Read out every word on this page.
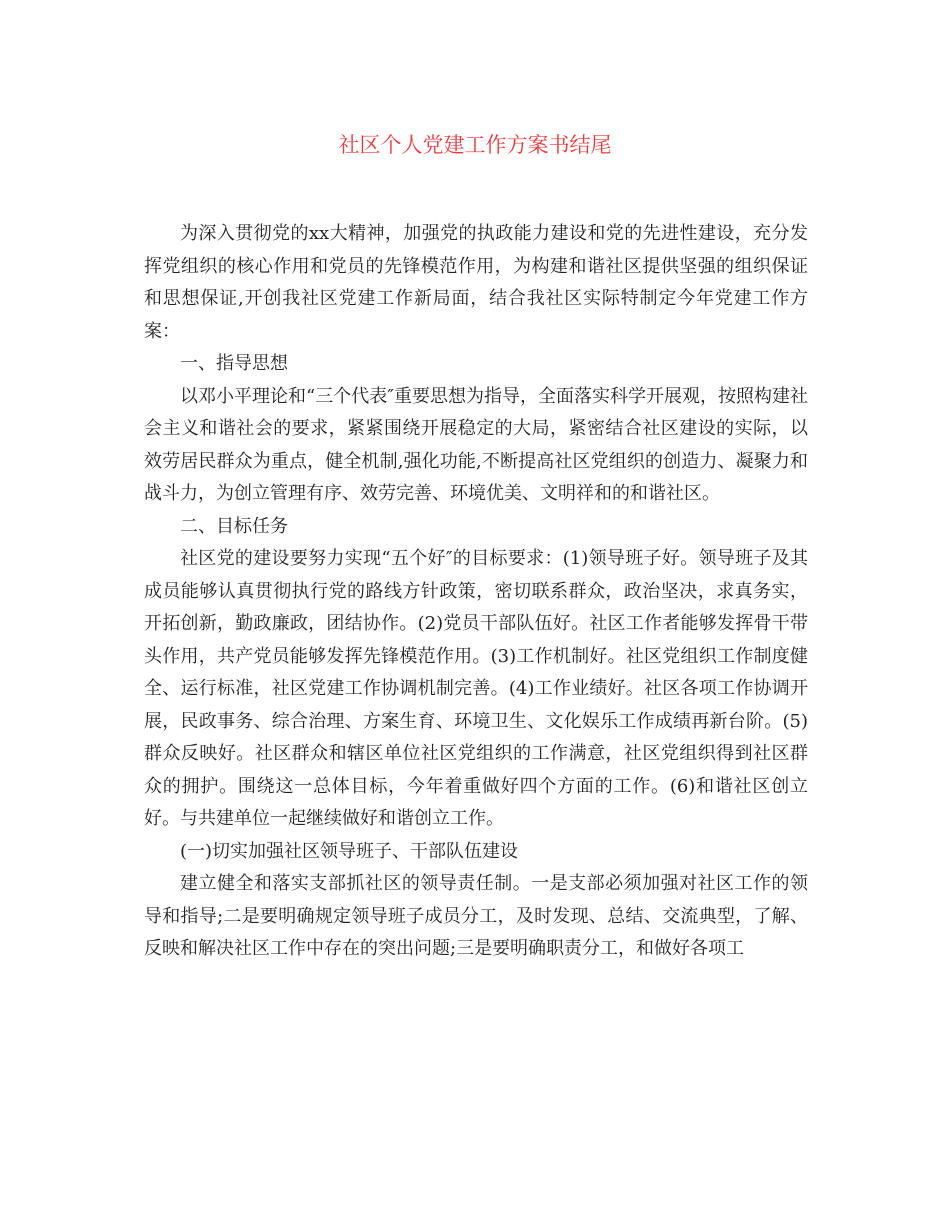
社区个人党建工作方案书结尾

为深入贯彻党的xx大精神，加强党的执政能力建设和党的先进性建设，充分发挥党组织的核心作用和党员的先锋模范作用，为构建和谐社区提供坚强的组织保证和思想保证,开创我社区党建工作新局面，结合我社区实际特制定今年党建工作方案：

一、指导思想

以邓小平理论和“三个代表″重要思想为指导，全面落实科学开展观，按照构建社会主义和谐社会的要求，紧紧围绕开展稳定的大局，紧密结合社区建设的实际，以效劳居民群众为重点，健全机制,强化功能,不断提高社区党组织的创造力、凝聚力和战斗力，为创立管理有序、效劳完善、环境优美、文明祥和的和谐社区。

二、目标任务

社区党的建设要努力实现“五个好″的目标要求：(1)领导班子好。领导班子及其成员能够认真贯彻执行党的路线方针政策，密切联系群众，政治坚决，求真务实，开拓创新，勤政廉政，团结协作。(2)党员干部队伍好。社区工作者能够发挥骨干带头作用，共产党员能够发挥先锋模范作用。(3)工作机制好。社区党组织工作制度健全、运行标准，社区党建工作协调机制完善。(4)工作业绩好。社区各项工作协调开展，民政事务、综合治理、方案生育、环境卫生、文化娱乐工作成绩再新台阶。(5)群众反映好。社区群众和辖区单位社区党组织的工作满意，社区党组织得到社区群众的拥护。围绕这一总体目标，今年着重做好四个方面的工作。(6)和谐社区创立好。与共建单位一起继续做好和谐创立工作。

(一)切实加强社区领导班子、干部队伍建设

建立健全和落实支部抓社区的领导责任制。一是支部必须加强对社区工作的领导和指导;二是要明确规定领导班子成员分工，及时发现、总结、交流典型，了解、反映和解决社区工作中存在的突出问题;三是要明确职责分工，和做好各项工
